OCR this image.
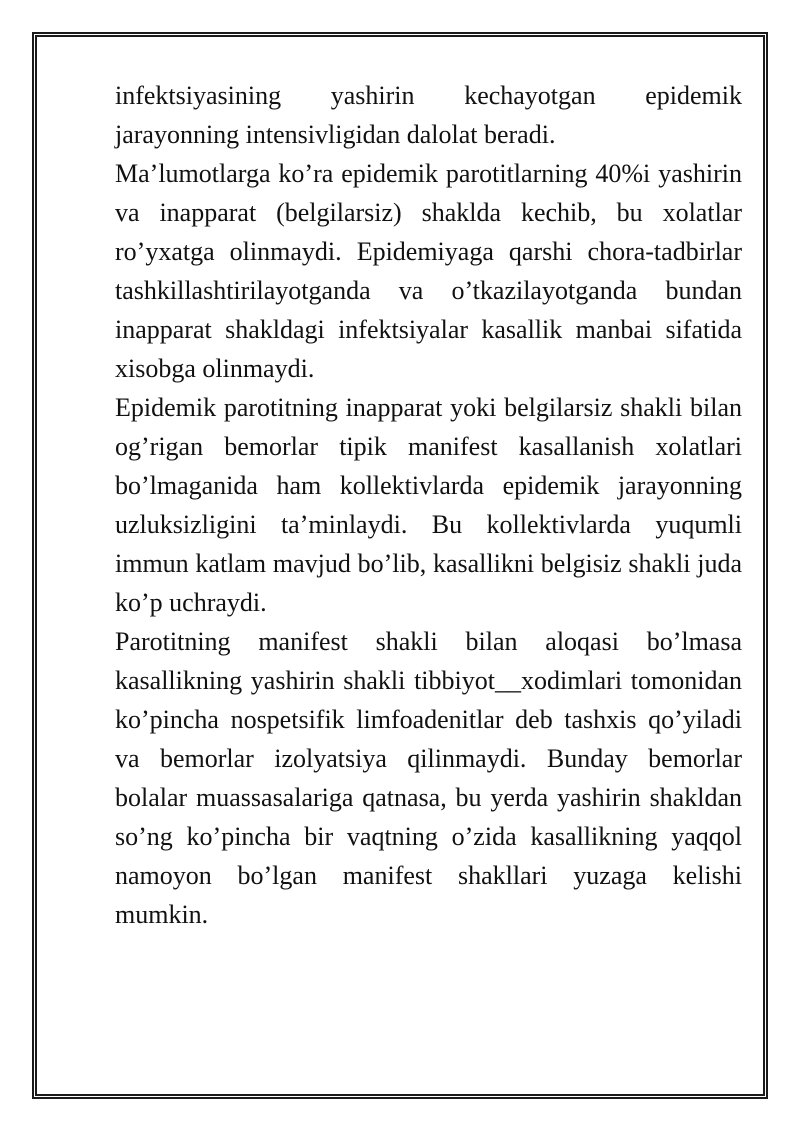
infektsiyasining yashirin kechayotgan epidemik jarayonning intensivligidan dalolat beradi.

Ma’lumotlarga ko’ra epidemik parotitlarning 40%i yashirin va inapparat (belgilarsiz) shaklda kechib, bu xolatlar ro’yxatga olinmaydi. Epidemiyaga qarshi chora-tadbirlar tashkillashtirilayotganda va o’tkazilayotganda bundan inapparat shakldagi infektsiyalar kasallik manbai sifatida xisobga olinmaydi.

Epidemik parotitning inapparat yoki belgilarsiz shakli bilan og’rigan bemorlar tipik manifest kasallanish xolatlari bo’lmaganida ham kollektivlarda epidemik jarayonning uzluksizligini ta’minlaydi. Bu kollektivlarda yuqumli immun katlam mavjud bo’lib, kasallikni belgisiz shakli juda ko’p uchraydi.

Parotitning manifest shakli bilan aloqasi bo’lmasa kasallikning yashirin shakli tibbiyot__xodimlari tomonidan ko’pincha nospetsifik limfoadenitlar deb tashxis qo’yiladi va bemorlar izolyatsiya qilinmaydi. Bunday bemorlar bolalar muassasalariga qatnasa, bu yerda yashirin shakldan so’ng ko’pincha bir vaqtning o’zida kasallikning yaqqol namoyon bo’lgan manifest shakllari yuzaga kelishi mumkin.
